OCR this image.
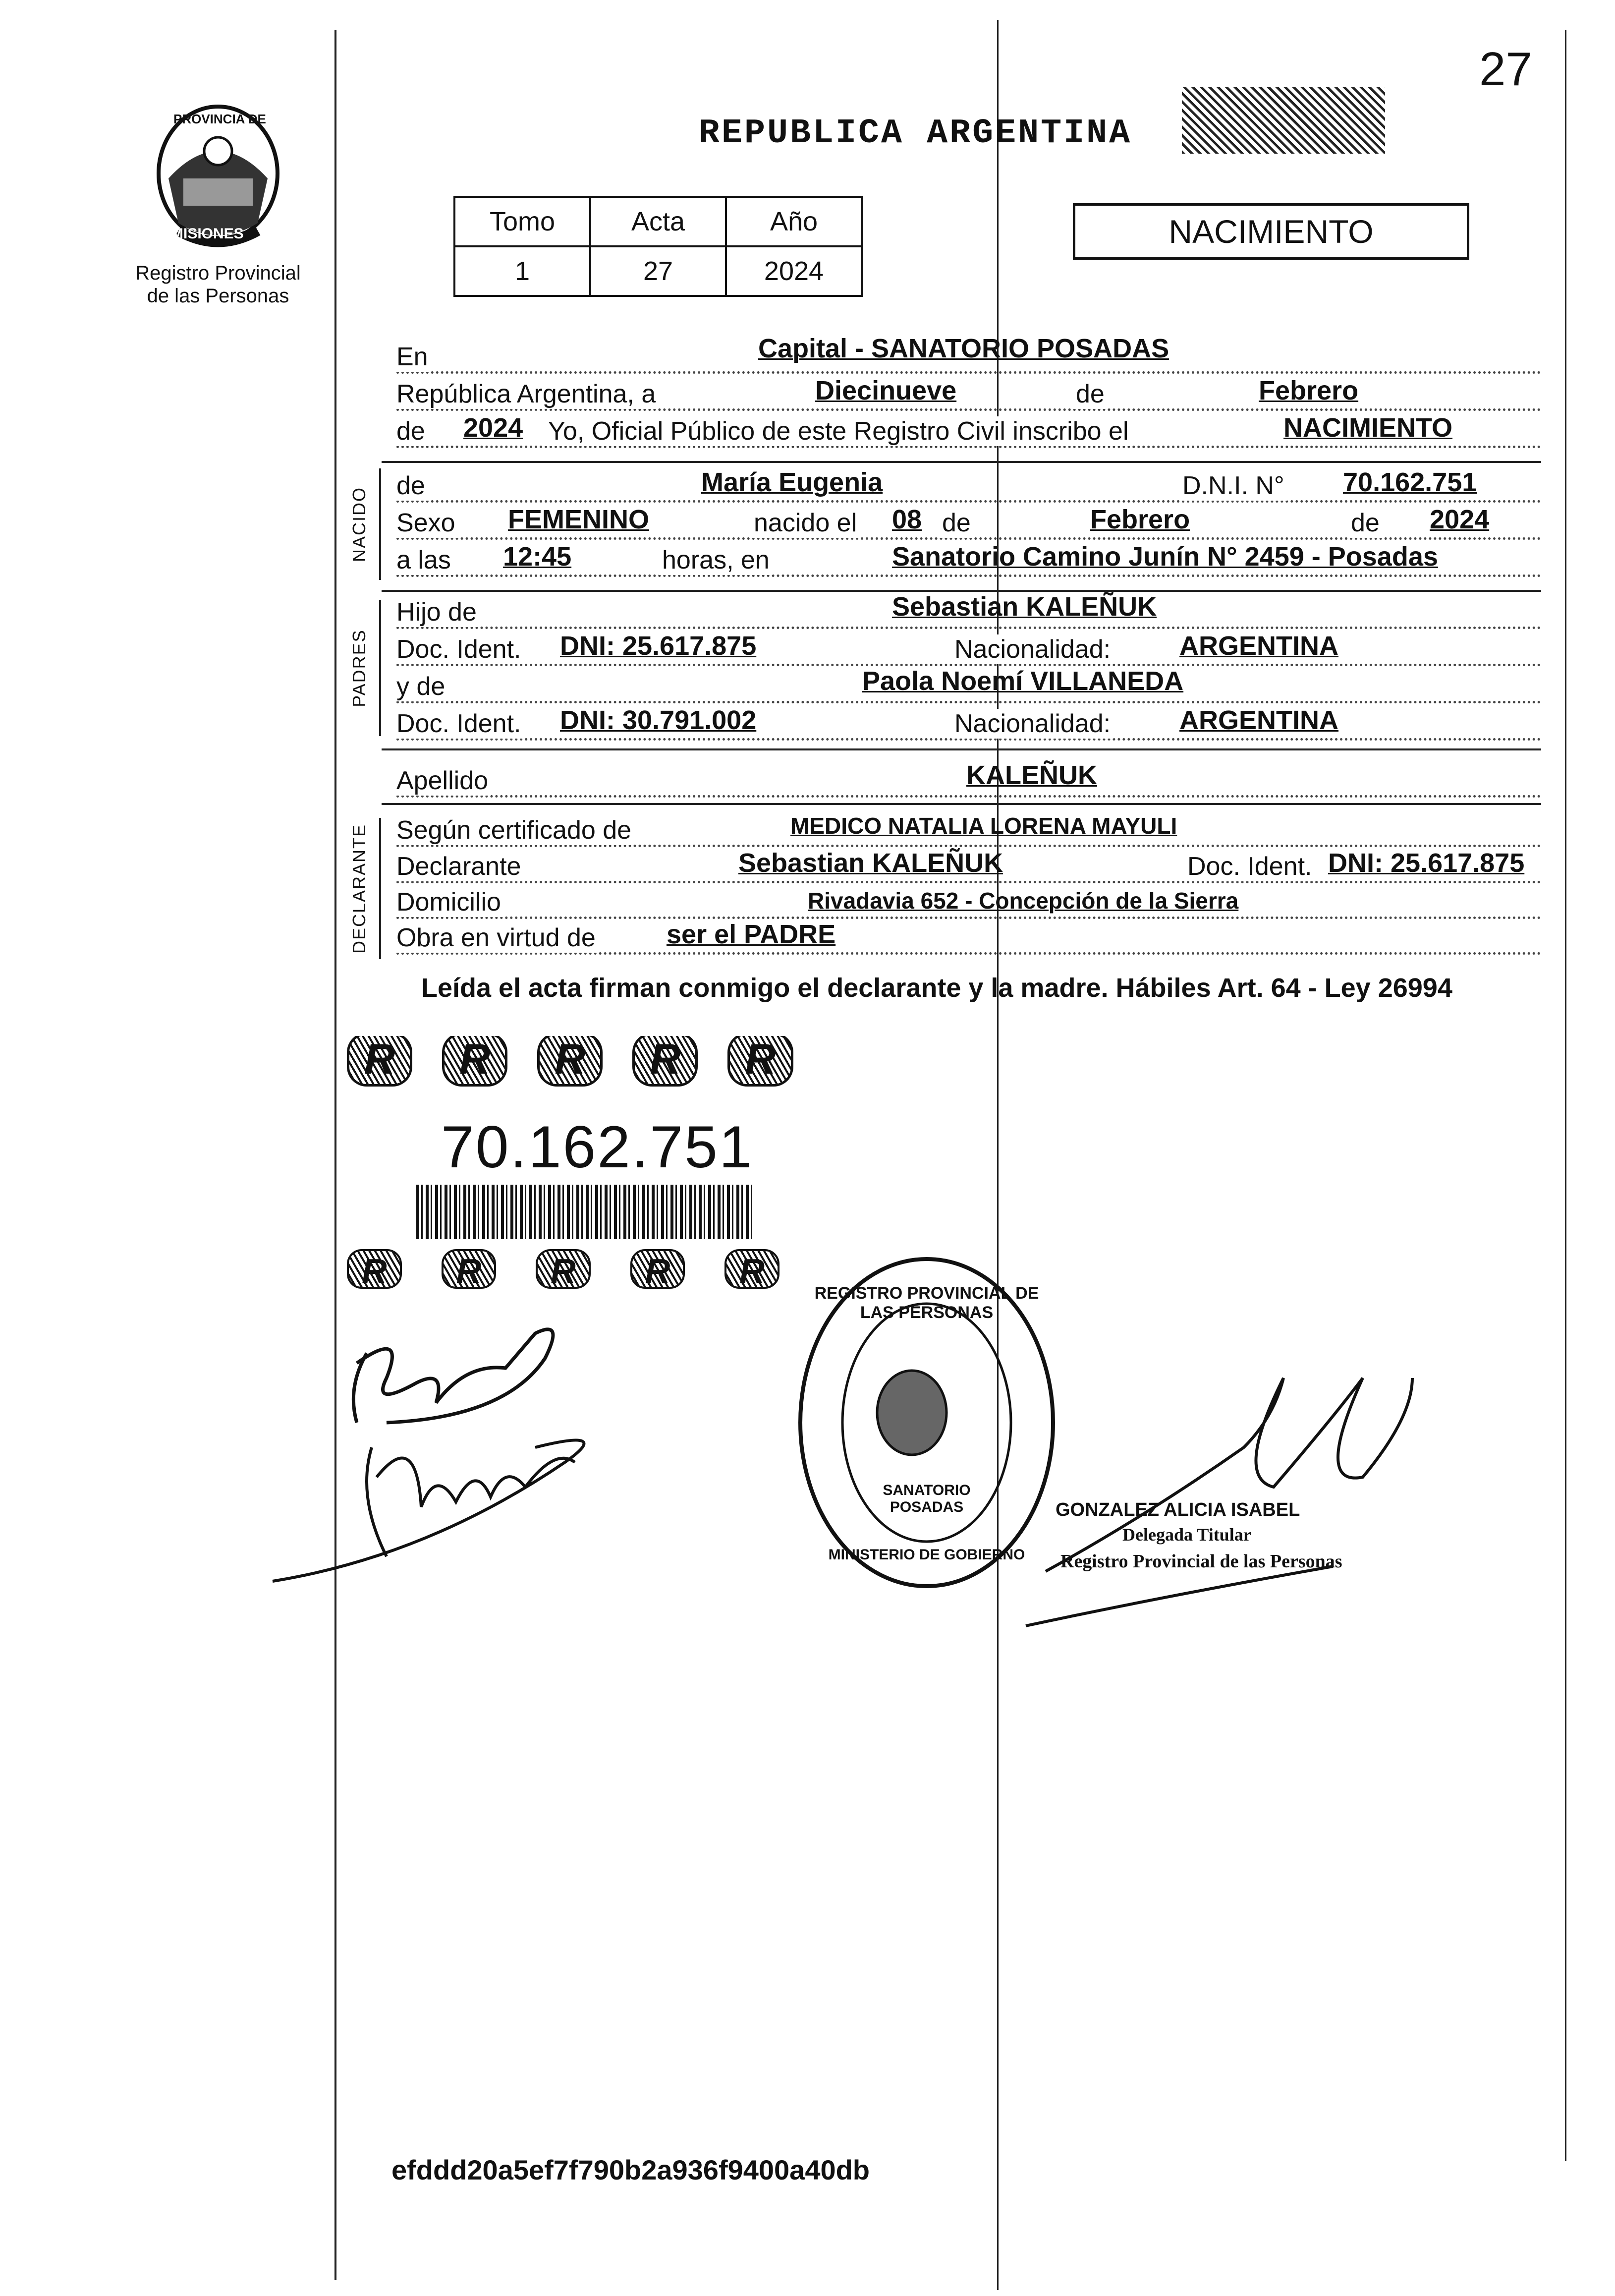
27
PROVINCIA DE
MISIONES
Registro Provincial
de las Personas
REPUBLICA ARGENTINA
Tomo	Acta	Año
1	27	2024
NACIMIENTO
En	Capital - SANATORIO POSADAS
República Argentina, a	Diecinueve	de	Febrero
de 2024 Yo, Oficial Público de este Registro Civil inscribo el	NACIMIENTO
NACIDO
de	María Eugenia	D.N.I. N° 70.162.751
Sexo FEMENINO	nacido el 08 de	Febrero	de 2024
a las 12:45	horas, en	Sanatorio Camino Junín N° 2459 - Posadas
PADRES
Hijo de	Sebastian KALEÑUK
Doc. Ident. DNI: 25.617.875	Nacionalidad:	ARGENTINA
y de	Paola Noemí VILLANEDA
Doc. Ident. DNI: 30.791.002	Nacionalidad:	ARGENTINA
Apellido	KALEÑUK
DECLARANTE Según certificado de	MEDICO NATALIA LORENA MAYULI
Declarante	Sebastian KALEÑUK	Doc. Ident. DNI: 25.617.875
Domicilio	Rivadavia 652 - Concepción de la Sierra
Obra en virtud de	ser el PADRE
Leída el acta firman conmigo el declarante y la madre. Hábiles Art. 64 - Ley 26994
R	R	R	R	R
70.162.751
R	R	R	R	R
REGISTRO PROVINCIAL DE LAS PERSONAS
SANATORIO POSADAS
MINISTERIO DE GOBIERNO
GONZALEZ ALICIA ISABEL
Delegada Titular
Registro Provincial de las Personas
efddd20a5ef7f790b2a936f9400a40db
